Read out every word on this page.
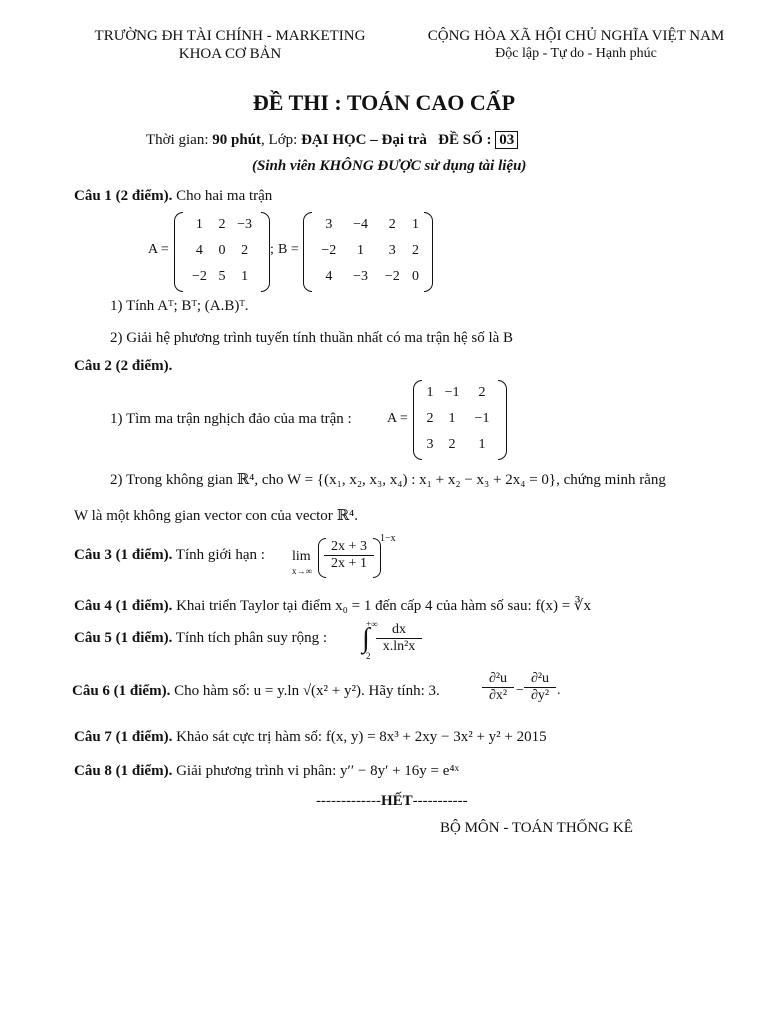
TRƯỜNG ĐH TÀI CHÍNH - MARKETING
KHOA CƠ BẢN
CỘNG HÒA XÃ HỘI CHỦ NGHĨA VIỆT NAM
Độc lập - Tự do - Hạnh phúc
ĐỀ THI : TOÁN CAO CẤP
Thời gian: 90 phút, Lớp: ĐẠI HỌC – Đại trà ĐỀ SỐ : 03
(Sinh viên KHÔNG ĐƯỢC sử dụng tài liệu)
Câu 1 (2 điểm). Cho hai ma trận
A =
1	2	−3
4	0	2
−2	5	1
; B =
3	−4	2	1
−2	1	3	2
4	−3	−2	0
1) Tính Aᵀ; Bᵀ; (A.B)ᵀ.
2) Giải hệ phương trình tuyến tính thuần nhất có ma trận hệ số là B
Câu 2 (2 điểm).
1) Tìm ma trận nghịch đảo của ma trận :	A =
1	−1	2
2	1	−1
3	2	1
2) Trong không gian ℝ⁴, cho W = {(x₁, x₂, x₃, x₄) : x₁ + x₂ − x₃ + 2x₄ = 0}, chứng minh rằng
W là một không gian vector con của vector ℝ⁴.
Câu 3 (1 điểm). Tính giới hạn : lim
x→∞
2x + 3
2x + 1
1−x
Câu 4 (1 điểm). Khai triển Taylor tại điểm x₀ = 1 đến cấp 4 của hàm số sau: f(x) = ∛x
Câu 5 (1 điểm). Tính tích phân suy rộng :
+∞
∫
2
dx
x.ln²x
Câu 6 (1 điểm). Cho hàm số: u = y.ln √(x² + y²). Hãy tính: 3.
∂²u
∂x² −
∂²u
∂y² .
Câu 7 (1 điểm). Khảo sát cực trị hàm số: f(x, y) = 8x³ + 2xy − 3x² + y² + 2015
Câu 8 (1 điểm). Giải phương trình vi phân: y′′ − 8y′ + 16y = e⁴ˣ
-------------HẾT-----------
BỘ MÔN - TOÁN THỐNG KÊ
